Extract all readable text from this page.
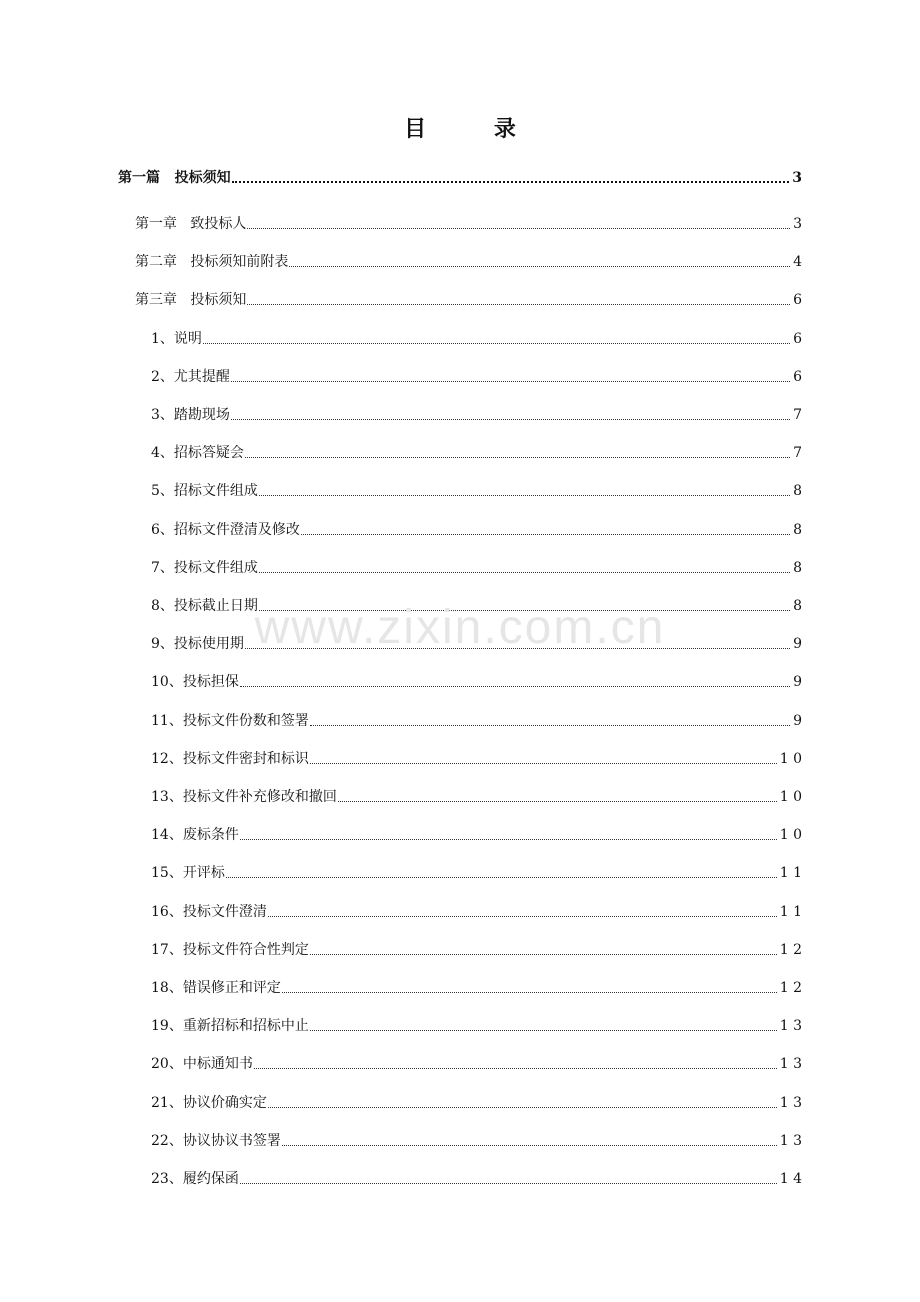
目 录
第一篇   投标须知	3
第一章   致投标人	3
第二章   投标须知前附表	4
第三章   投标须知	6
1、说明	6
2、尤其提醒	6
3、踏勘现场	7
4、招标答疑会	7
5、招标文件组成	8
6、招标文件澄清及修改	8
7、投标文件组成	8
8、投标截止日期	8
9、投标使用期	9
10、投标担保	9
11、投标文件份数和签署	9
12、投标文件密封和标识	1 0
13、投标文件补充修改和撤回	1 0
14、废标条件	1 0
15、开评标	1 1
16、投标文件澄清	1 1
17、投标文件符合性判定	1 2
18、错误修正和评定	1 2
19、重新招标和招标中止	1 3
20、中标通知书	1 3
21、协议价确实定	1 3
22、协议协议书签署	1 3
23、履约保函	1 4
www.zixin.com.cn
